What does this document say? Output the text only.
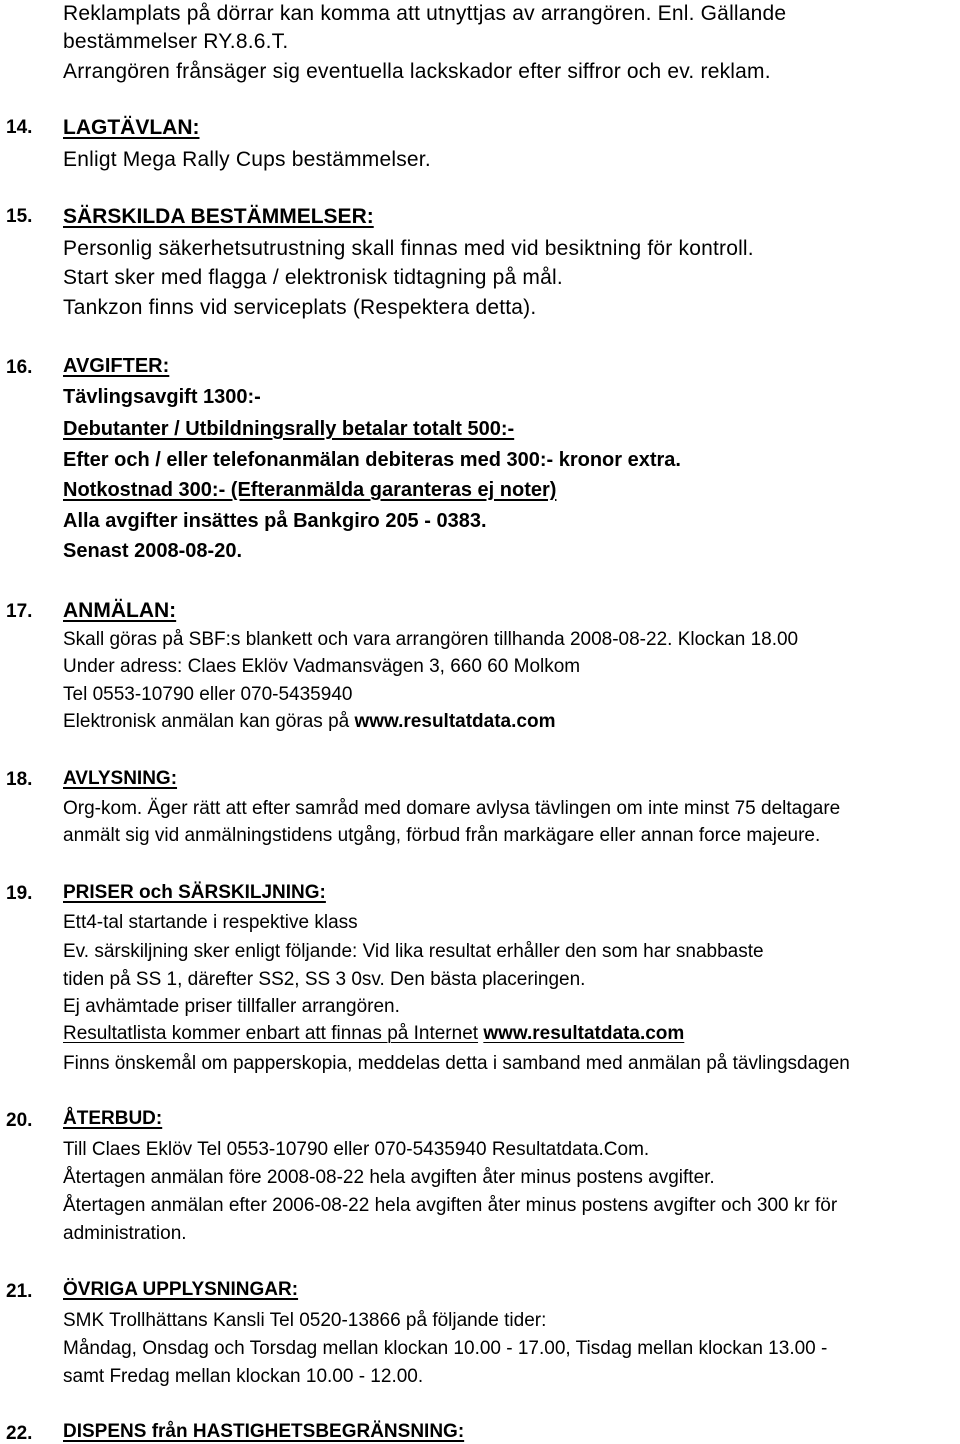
Reklamplats på dörrar kan komma att utnyttjas av arrangören. Enl. Gällande
bestämmelser RY.8.6.T.
Arrangören frånsäger sig eventuella lackskador efter siffror och ev. reklam.
14. LAGTÄVLAN:
Enligt Mega Rally Cups bestämmelser.
15. SÄRSKILDA BESTÄMMELSER:
Personlig säkerhetsutrustning skall finnas med vid besiktning för kontroll.
Start sker med flagga / elektronisk tidtagning på mål.
Tankzon finns vid serviceplats (Respektera detta).
16. AVGIFTER:
Tävlingsavgift 1300:-
Debutanter / Utbildningsrally betalar totalt 500:-
Efter och / eller telefonanmälan debiteras med 300:- kronor extra.
Notkostnad 300:- (Efteranmälda garanteras ej noter)
Alla avgifter insättes på Bankgiro 205 - 0383.
Senast 2008-08-20.
17. ANMÄLAN:
Skall göras på SBF:s blankett och vara arrangören tillhanda 2008-08-22. Klockan 18.00
Under adress: Claes Eklöv Vadmansvägen 3, 660 60 Molkom
Tel 0553-10790 eller 070-5435940
Elektronisk anmälan kan göras på www.resultatdata.com
18. AVLYSNING:
Org-kom. Äger rätt att efter samråd med domare avlysa tävlingen om inte minst 75 deltagare
anmält sig vid anmälningstidens utgång, förbud från markägare eller annan force majeure.
19. PRISER och SÄRSKILJNING:
Ett4-tal startande i respektive klass
Ev. särskiljning sker enligt följande: Vid lika resultat erhåller den som har snabbaste
tiden på SS 1, därefter SS2, SS 3 0sv. Den bästa placeringen.
Ej avhämtade priser tillfaller arrangören.
Resultatlista kommer enbart att finnas på Internet www.resultatdata.com
Finns önskemål om papperskopia, meddelas detta i samband med anmälan på tävlingsdagen
20. ÅTERBUD:
Till Claes Eklöv Tel 0553-10790 eller 070-5435940 Resultatdata.Com.
Återtagen anmälan före 2008-08-22 hela avgiften åter minus postens avgifter.
Återtagen anmälan efter 2006-08-22 hela avgiften åter minus postens avgifter och 300 kr för
administration.
21. ÖVRIGA UPPLYSNINGAR:
SMK Trollhättans Kansli Tel 0520-13866 på följande tider:
Måndag, Onsdag och Torsdag mellan klockan 10.00 - 17.00, Tisdag mellan klockan 13.00 -
samt Fredag mellan klockan 10.00 - 12.00.
22. DISPENS från HASTIGHETSBEGRÄNSNING:
